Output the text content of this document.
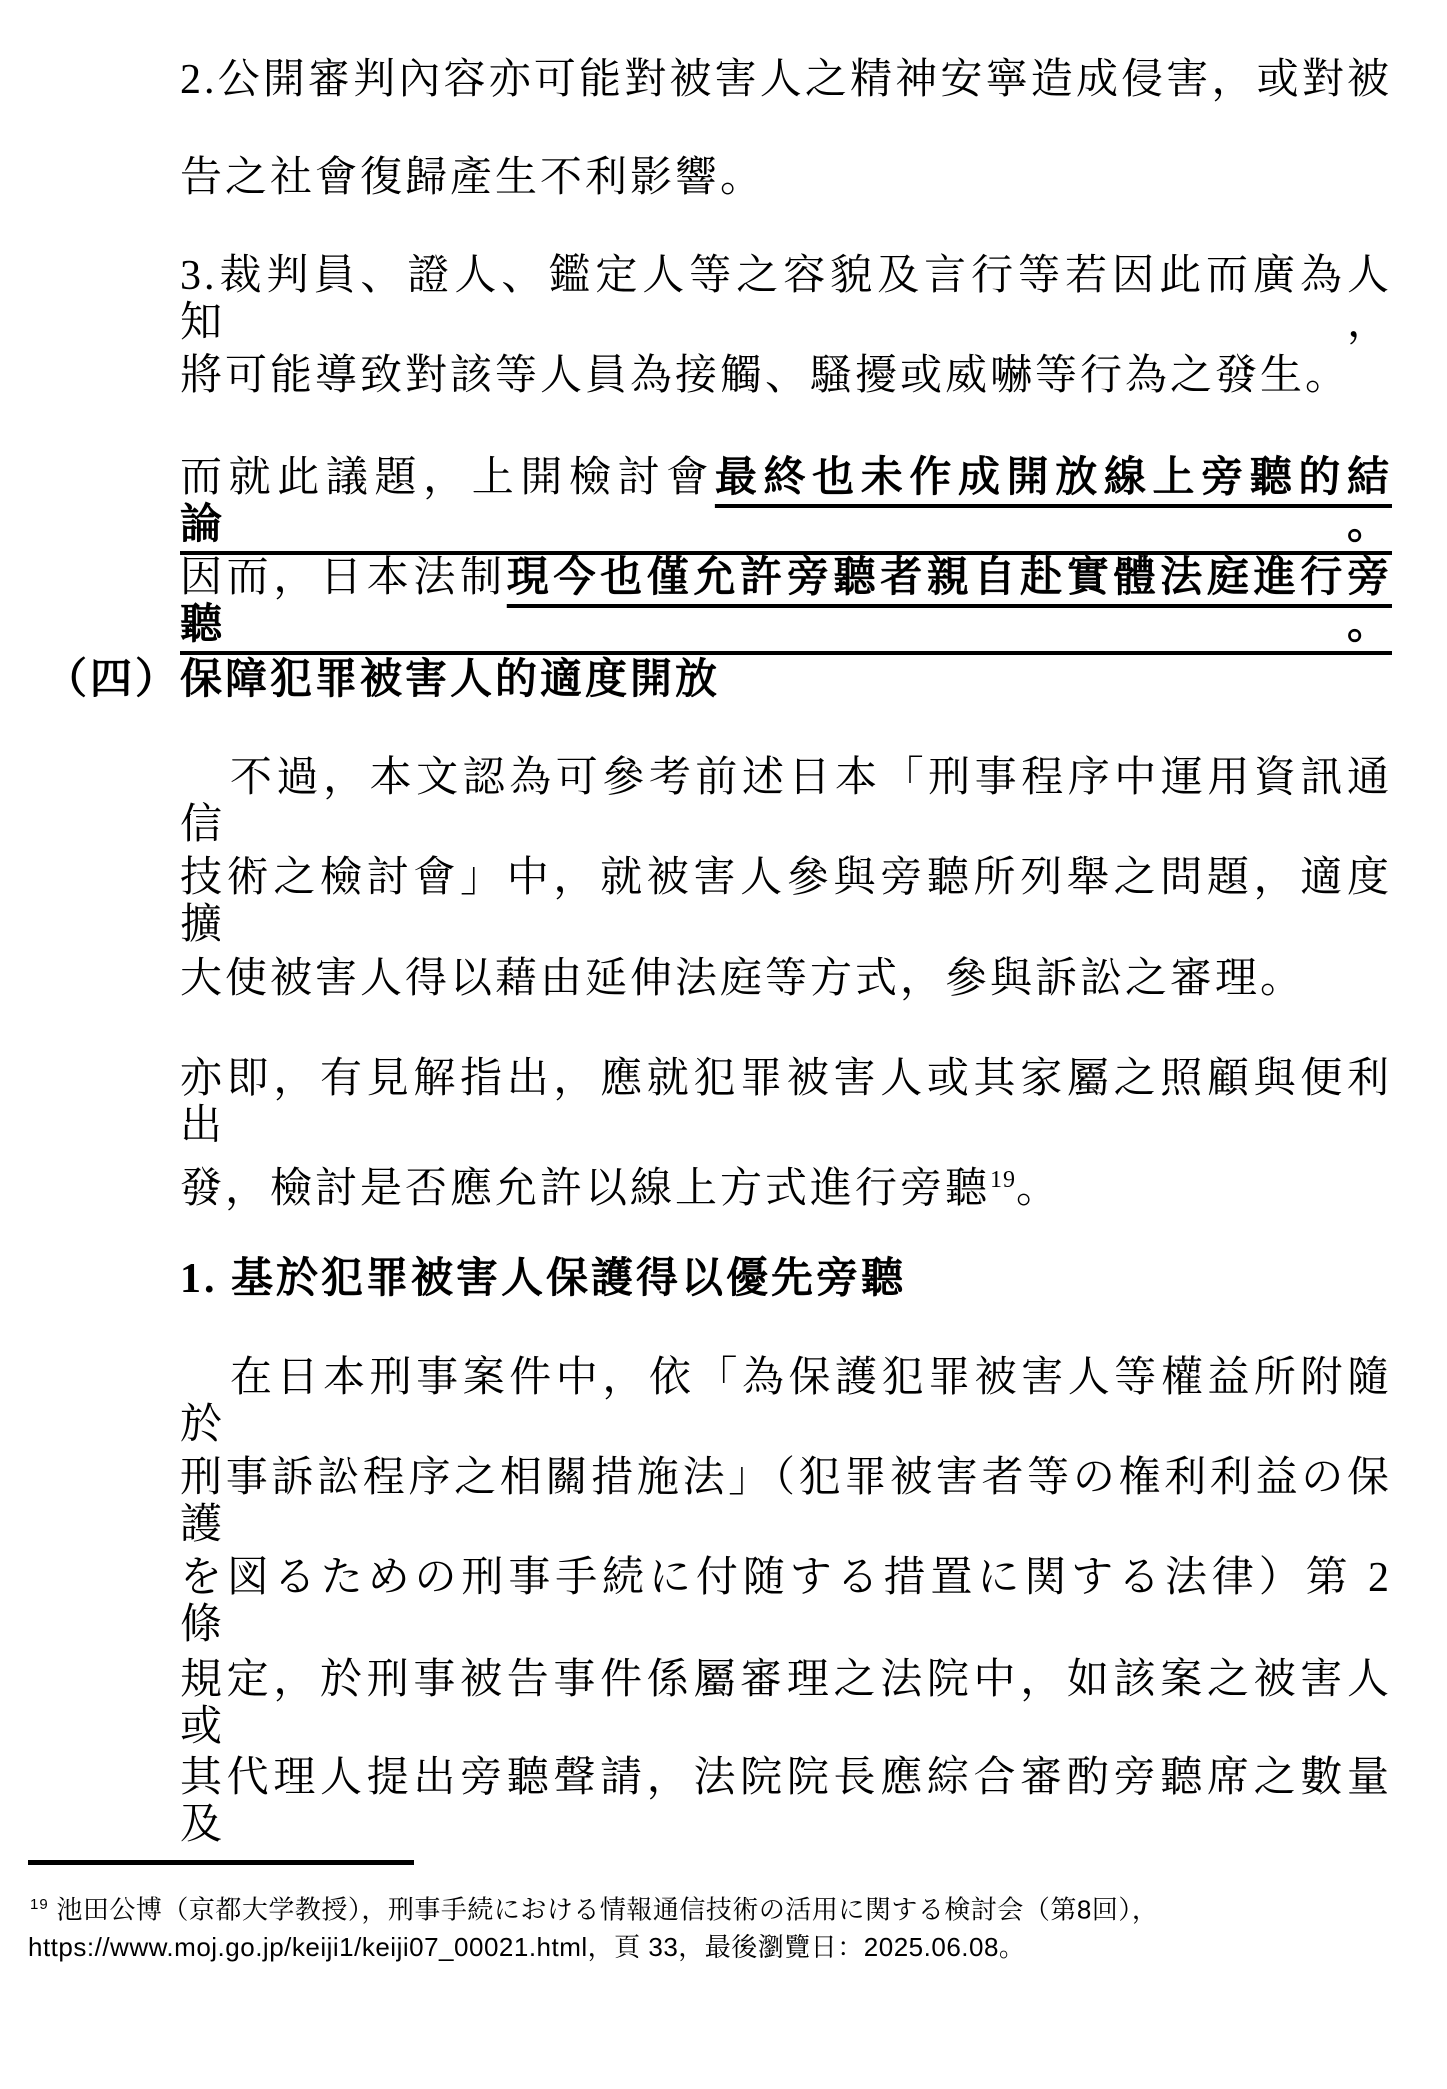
2.公開審判內容亦可能對被害人之精神安寧造成侵害，或對被
告之社會復歸產生不利影響。
3.裁判員、證人、鑑定人等之容貌及言行等若因此而廣為人知，
將可能導致對該等人員為接觸、騷擾或威嚇等行為之發生。
而就此議題，上開檢討會最終也未作成開放線上旁聽的結論。
因而，日本法制現今也僅允許旁聽者親自赴實體法庭進行旁聽。
（四） 保障犯罪被害人的適度開放
不過，本文認為可參考前述日本「刑事程序中運用資訊通信
技術之檢討會」中，就被害人參與旁聽所列舉之問題，適度擴
大使被害人得以藉由延伸法庭等方式，參與訴訟之審理。
亦即，有見解指出，應就犯罪被害人或其家屬之照顧與便利出
發，檢討是否應允許以線上方式進行旁聽$^{19}$。
1. 基於犯罪被害人保護得以優先旁聽
在日本刑事案件中，依「為保護犯罪被害人等權益所附隨於
刑事訴訟程序之相關措施法」（犯罪被害者等の権利利益の保護
を図るための刑事手続に付随する措置に関する法律）第 2 條
規定，於刑事被告事件係屬審理之法院中，如該案之被害人或
其代理人提出旁聽聲請，法院院長應綜合審酌旁聽席之數量及
$^{19}$ 池田公博（京都大学教授），刑事手続における情報通信技術の活用に関する検討会（第8回），
https://www.moj.go.jp/keiji1/keiji07_00021.html，頁 33，最後瀏覽日：2025.06.08。
